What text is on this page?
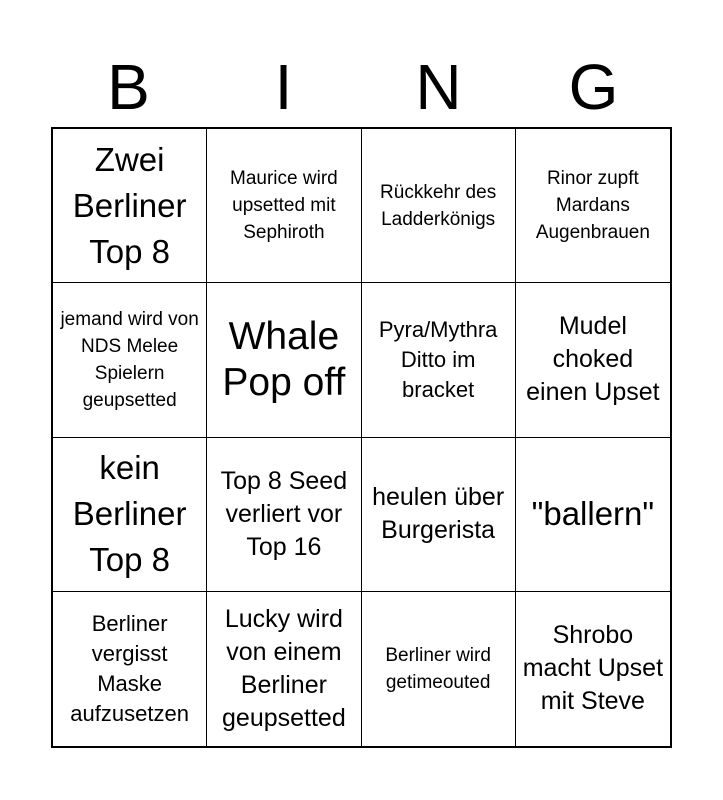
B	I	N	G
Zwei Berliner Top 8
Maurice wird upsetted mit Sephiroth
Rückkehr des Ladderkönigs
Rinor zupft Mardans Augenbrauen
jemand wird von NDS Melee Spielern geupsetted
Whale Pop off
Pyra/Mythra Ditto im bracket
Mudel choked einen Upset
kein Berliner Top 8
Top 8 Seed verliert vor Top 16
heulen über Burgerista	"ballern"
Berliner vergisst Maske aufzusetzen
Lucky wird von einem Berliner geupsetted
Berliner wird getimeouted
Shrobo macht Upset mit Steve
